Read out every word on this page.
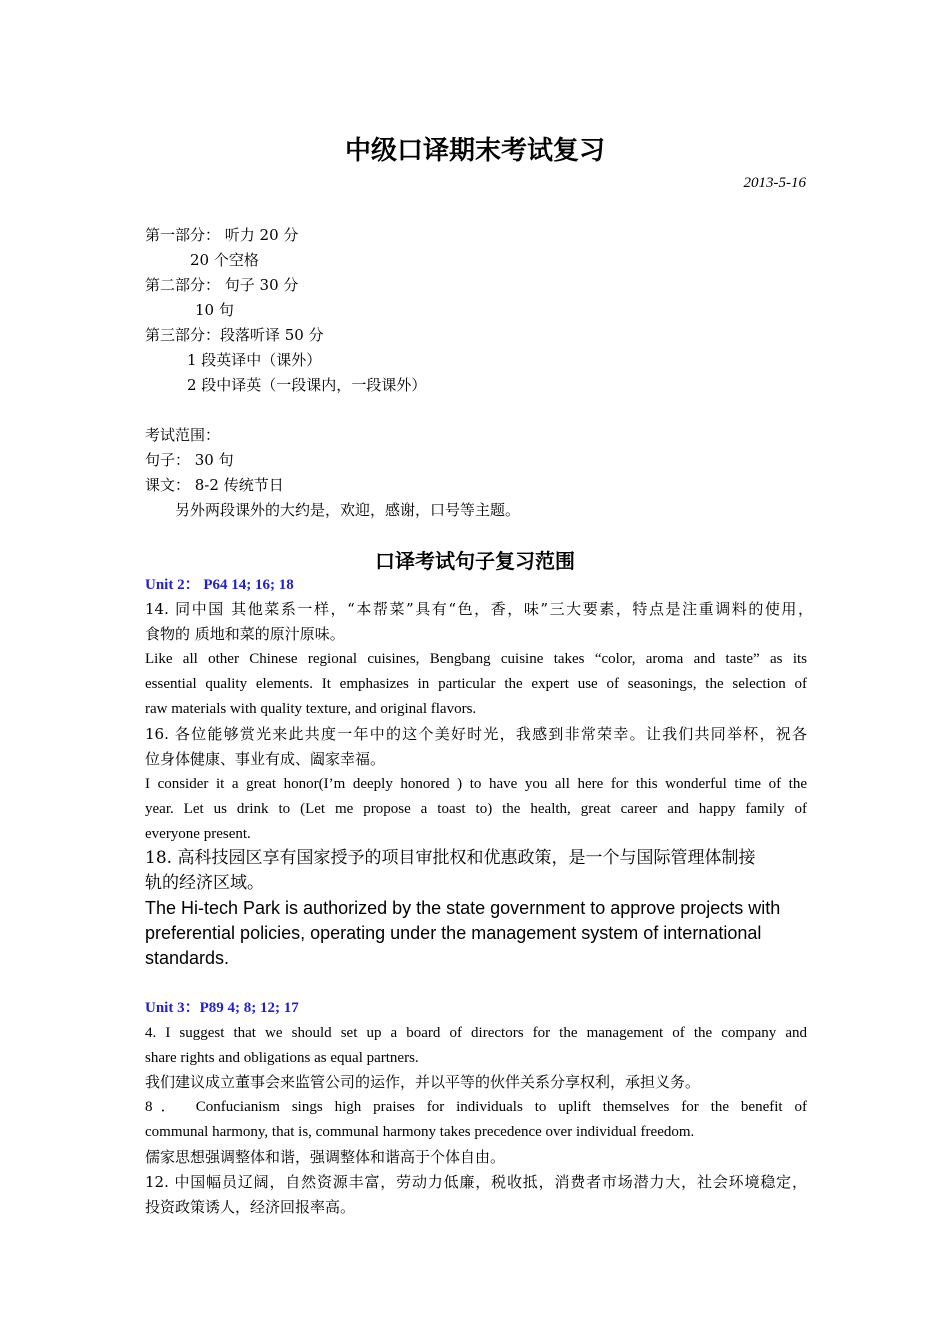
中级口译期末考试复习
2013-5-16
第一部分： 听力 20 分
20 个空格
第二部分： 句子 30 分
10 句
第三部分：段落听译 50 分
1 段英译中（课外）
2 段中译英（一段课内，一段课外）
考试范围：
句子： 30 句
课文： 8-2 传统节日
另外两段课外的大约是，欢迎，感谢，口号等主题。
口译考试句子复习范围
Unit 2： P64 14; 16; 18
14. 同中国 其他菜系一样，“本帮菜”具有“色，香，味”三大要素，特点是注重调料的使用，
食物的 质地和菜的原汁原味。
Like all other Chinese regional cuisines, Bengbang cuisine takes “color, aroma and taste” as its
essential quality elements. It emphasizes in particular the expert use of seasonings, the selection of
raw materials with quality texture, and original flavors.
16. 各位能够赏光来此共度一年中的这个美好时光，我感到非常荣幸。让我们共同举杯，祝各
位身体健康、事业有成、阖家幸福。
I consider it a great honor(I’m deeply honored ) to have you all here for this wonderful time of the
year. Let us drink to (Let me propose a toast to) the health, great career and happy family of
everyone present.
18. 高科技园区享有国家授予的项目审批权和优惠政策，是一个与国际管理体制接
轨的经济区域。
The Hi-tech Park is authorized by the state government to approve projects with
preferential policies, operating under the management system of international
standards.
Unit 3：P89 4; 8; 12; 17
4. I suggest that we should set up a board of directors for the management of the company and
share rights and obligations as equal partners.
我们建议成立董事会来监管公司的运作，并以平等的伙伴关系分享权利，承担义务。
8． Confucianism sings high praises for individuals to uplift themselves for the benefit of
communal harmony, that is, communal harmony takes precedence over individual freedom.
儒家思想强调整体和谐，强调整体和谐高于个体自由。
12. 中国幅员辽阔，自然资源丰富，劳动力低廉，税收抵，消费者市场潜力大，社会环境稳定，
投资政策诱人，经济回报率高。
